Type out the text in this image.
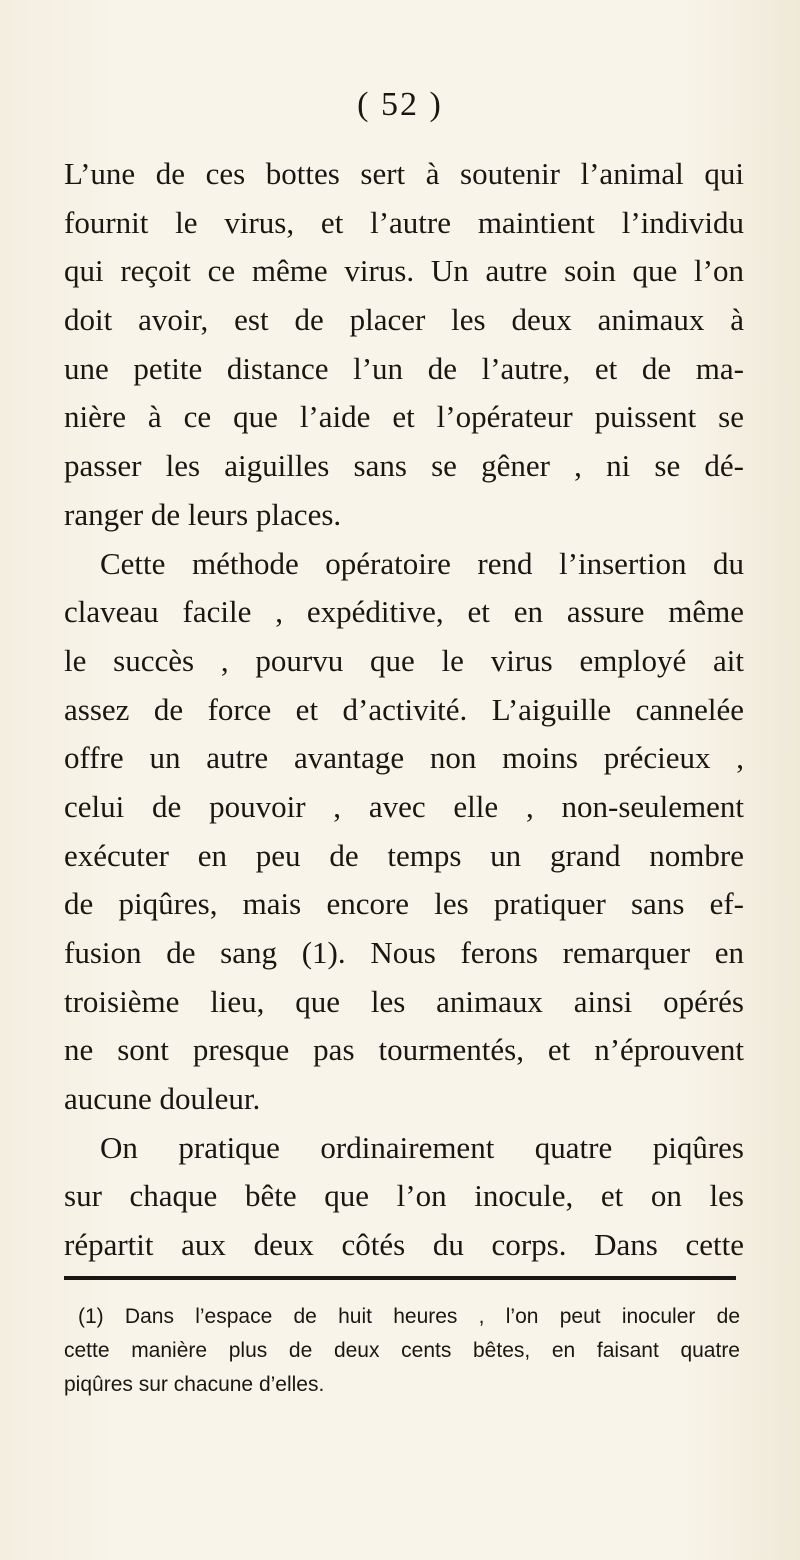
( 52 )
L’une de ces bottes sert à soutenir l’animal qui
fournit le virus, et l’autre maintient l’individu
qui reçoit ce même virus. Un autre soin que l’on
doit avoir, est de placer les deux animaux à
une petite distance l’un de l’autre, et de ma-
nière à ce que l’aide et l’opérateur puissent se
passer les aiguilles sans se gêner , ni se dé-
ranger de leurs places.
Cette méthode opératoire rend l’insertion du
claveau facile , expéditive, et en assure même
le succès , pourvu que le virus employé ait
assez de force et d’activité. L’aiguille cannelée
offre un autre avantage non moins précieux ,
celui de pouvoir , avec elle , non-seulement
exécuter en peu de temps un grand nombre
de piqûres, mais encore les pratiquer sans ef-
fusion de sang (1). Nous ferons remarquer en
troisième lieu, que les animaux ainsi opérés
ne sont presque pas tourmentés, et n’éprouvent
aucune douleur.
On pratique ordinairement quatre piqûres
sur chaque bête que l’on inocule, et on les
répartit aux deux côtés du corps. Dans cette
(1) Dans l’espace de huit heures , l’on peut inoculer de
cette manière plus de deux cents bêtes, en faisant quatre
piqûres sur chacune d’elles.
